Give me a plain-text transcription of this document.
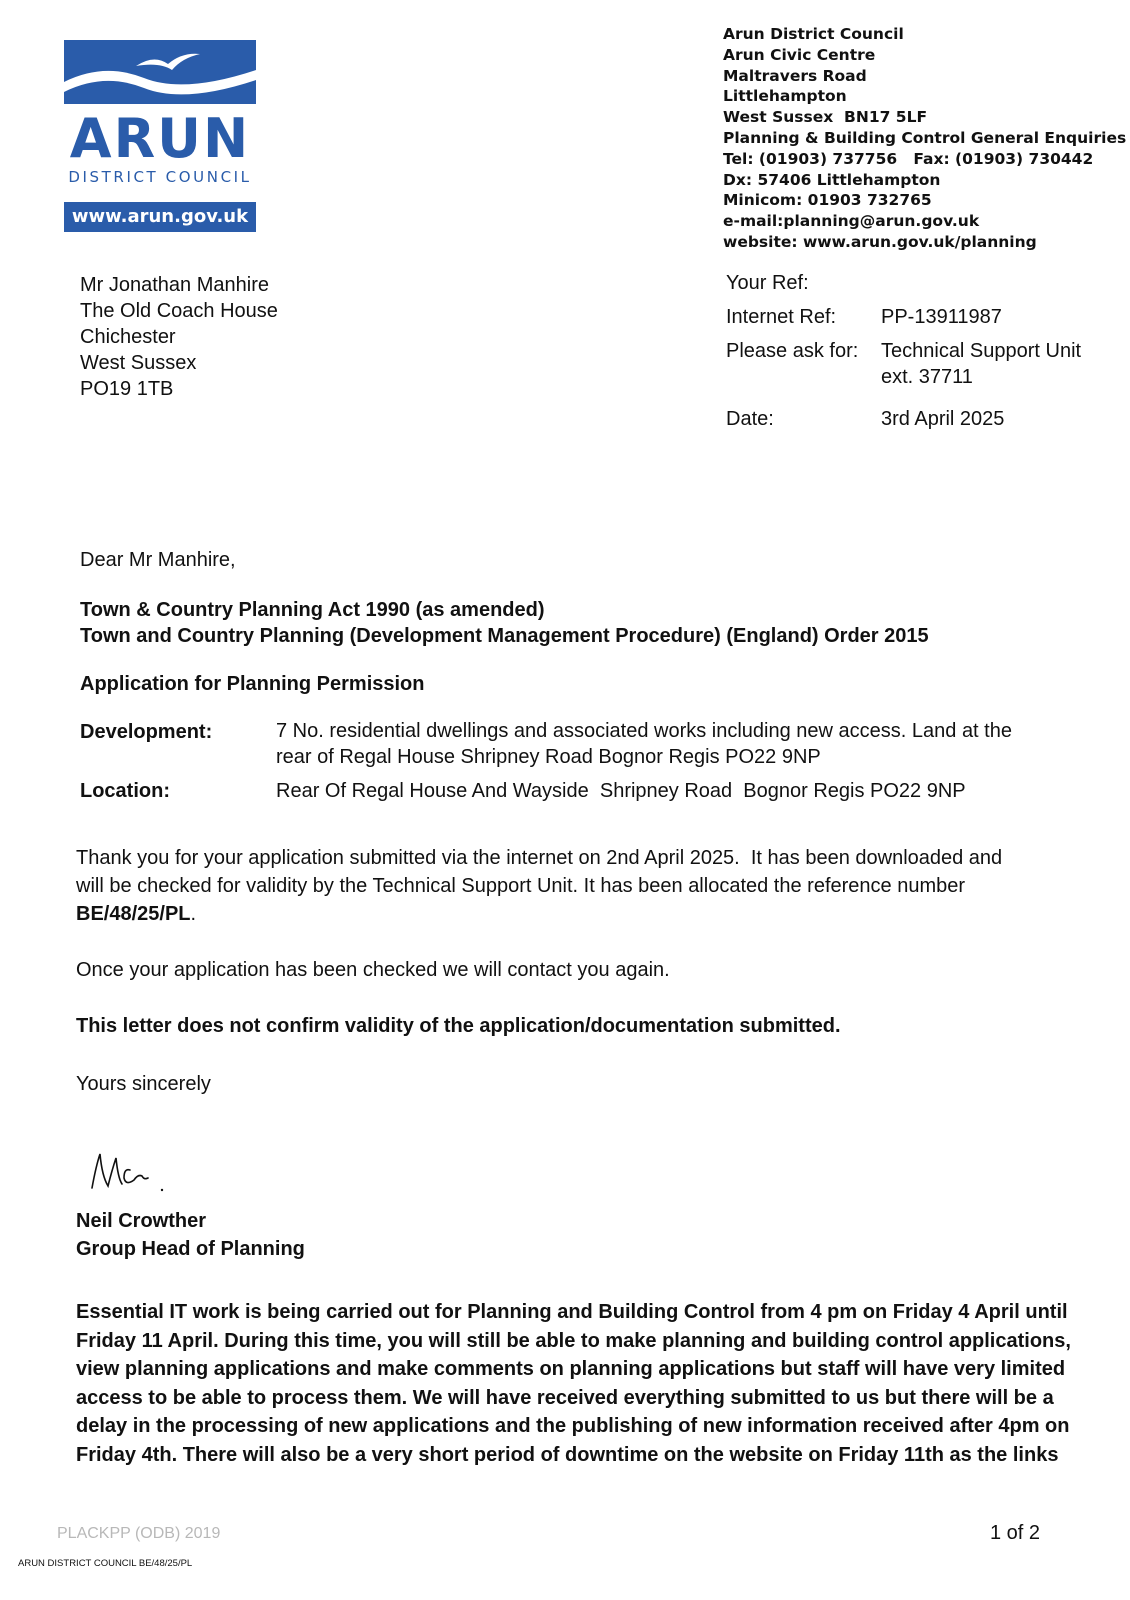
ARUN
DISTRICT COUNCIL
www.arun.gov.uk
Arun District Council
Arun Civic Centre
Maltravers Road
Littlehampton
West Sussex  BN17 5LF
Planning & Building Control General Enquiries
Tel: (01903) 737756   Fax: (01903) 730442
Dx: 57406 Littlehampton
Minicom: 01903 732765
e-mail:planning@arun.gov.uk
website: www.arun.gov.uk/planning
Mr Jonathan Manhire
The Old Coach House
Chichester
West Sussex
PO19 1TB
Your Ref:
Internet Ref: PP-13911987
Please ask for: Technical Support Unit
ext. 37711
Date:	3rd April 2025
Dear Mr Manhire,
Town & Country Planning Act 1990 (as amended)
Town and Country Planning (Development Management Procedure) (England) Order 2015
Application for Planning Permission
Development:	7 No. residential dwellings and associated works including new access. Land at the
rear of Regal House Shripney Road Bognor Regis PO22 9NP
Location:	Rear Of Regal House And Wayside  Shripney Road  Bognor Regis PO22 9NP
Thank you for your application submitted via the internet on 2nd April 2025.  It has been downloaded and
will be checked for validity by the Technical Support Unit. It has been allocated the reference number
BE/48/25/PL.
Once your application has been checked we will contact you again.
This letter does not confirm validity of the application/documentation submitted.
Yours sincerely
Neil Crowther
Group Head of Planning
Essential IT work is being carried out for Planning and Building Control from 4 pm on Friday 4 April until
Friday 11 April. During this time, you will still be able to make planning and building control applications,
view planning applications and make comments on planning applications but staff will have very limited
access to be able to process them. We will have received everything submitted to us but there will be a
delay in the processing of new applications and the publishing of new information received after 4pm on
Friday 4th. There will also be a very short period of downtime on the website on Friday 11th as the links
PLACKPP (ODB) 2019
ARUN DISTRICT COUNCIL BE/48/25/PL
1 of 2
